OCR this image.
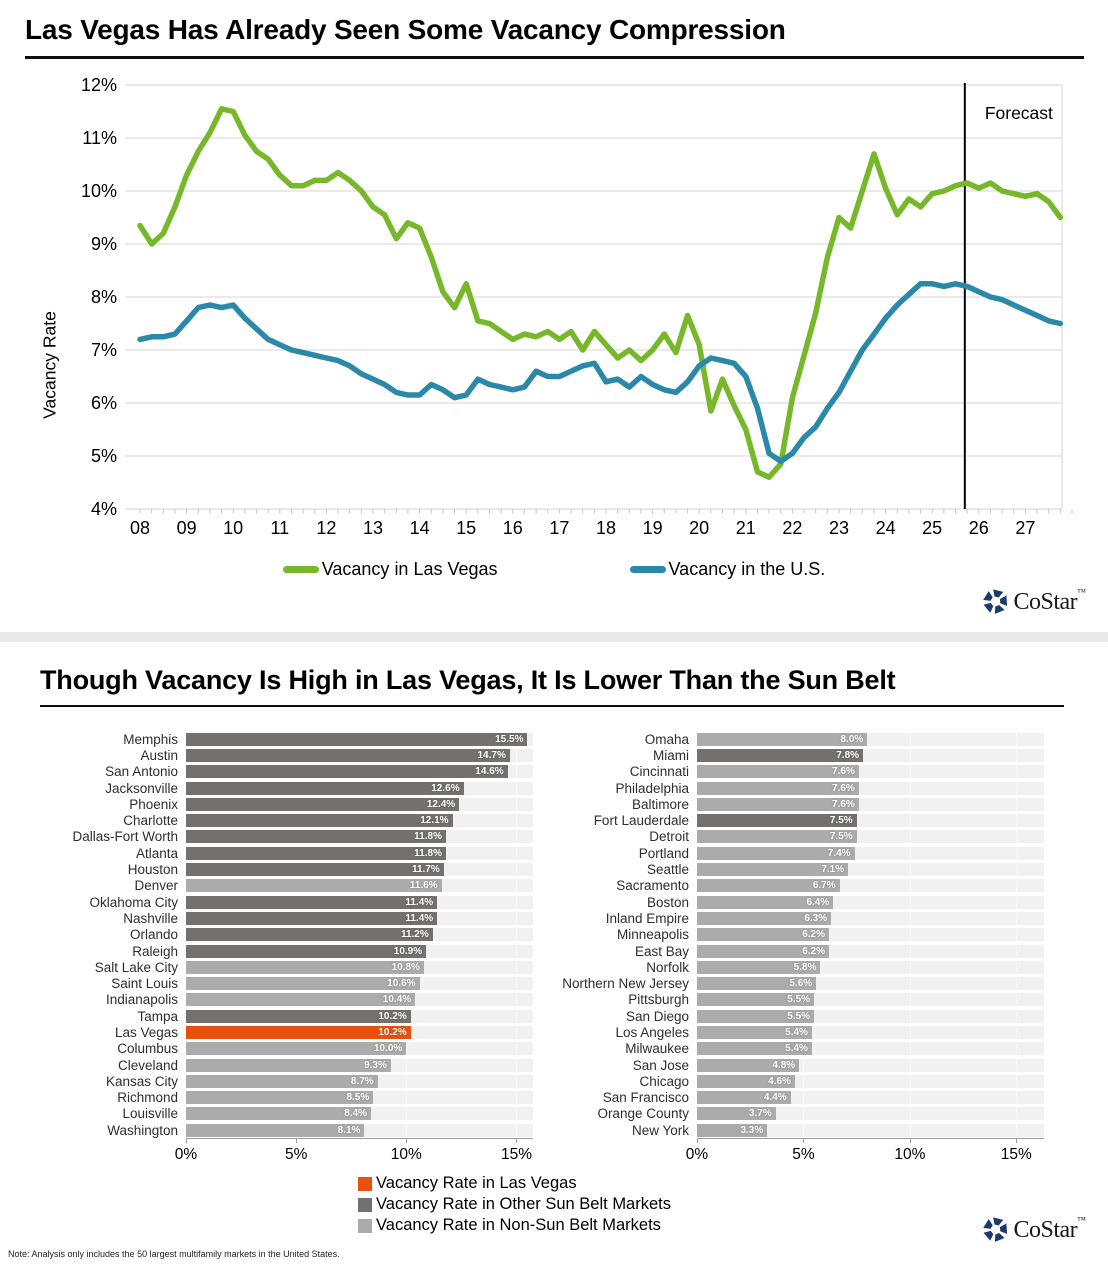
Las Vegas Has Already Seen Some Vacancy Compression
Vacancy Rate
12%
11%
10%
9%
8%
7%
6%
5%
4%
08 09 10 11 12 13 14 15 16 17 18 19 20 21 22 23 24 25 26 27
Forecast
Vacancy in Las Vegas	Vacancy in the U.S.
CoStar™
Though Vacancy Is High in Las Vegas, It Is Lower Than the Sun Belt
Memphis	15.5%
Austin	14.7%
San Antonio	14.6%
Jacksonville	12.6%
Phoenix	12.4%
Charlotte	12.1%
Dallas-Fort Worth	11.8%
Atlanta	11.8%
Houston	11.7%
Denver	11.6%
Oklahoma City	11.4%
Nashville	11.4%
Orlando	11.2%
Raleigh	10.9%
Salt Lake City	10.8%
Saint Louis	10.6%
Indianapolis	10.4%
Tampa	10.2%
Las Vegas	10.2%
Columbus	10.0%
Cleveland	9.3%
Kansas City	8.7%
Richmond	8.5%
Louisville	8.4%
Washington	8.1%
0%	5%	10%	15%
Omaha	8.0%
Miami	7.8%
Cincinnati	7.6%
Philadelphia	7.6%
Baltimore	7.6%
Fort Lauderdale	7.5%
Detroit	7.5%
Portland	7.4%
Seattle	7.1%
Sacramento	6.7%
Boston	6.4%
Inland Empire	6.3%
Minneapolis	6.2%
East Bay	6.2%
Norfolk	5.8%
Northern New Jersey	5.6%
Pittsburgh	5.5%
San Diego	5.5%
Los Angeles	5.4%
Milwaukee	5.4%
San Jose	4.8%
Chicago	4.6%
San Francisco	4.4%
Orange County	3.7%
New York	3.3%
0%	5%	10%	15%
Vacancy Rate in Las Vegas
Vacancy Rate in Other Sun Belt Markets
Vacancy Rate in Non-Sun Belt Markets
Note: Analysis only includes the 50 largest multifamily markets in the United States.
CoStar™
